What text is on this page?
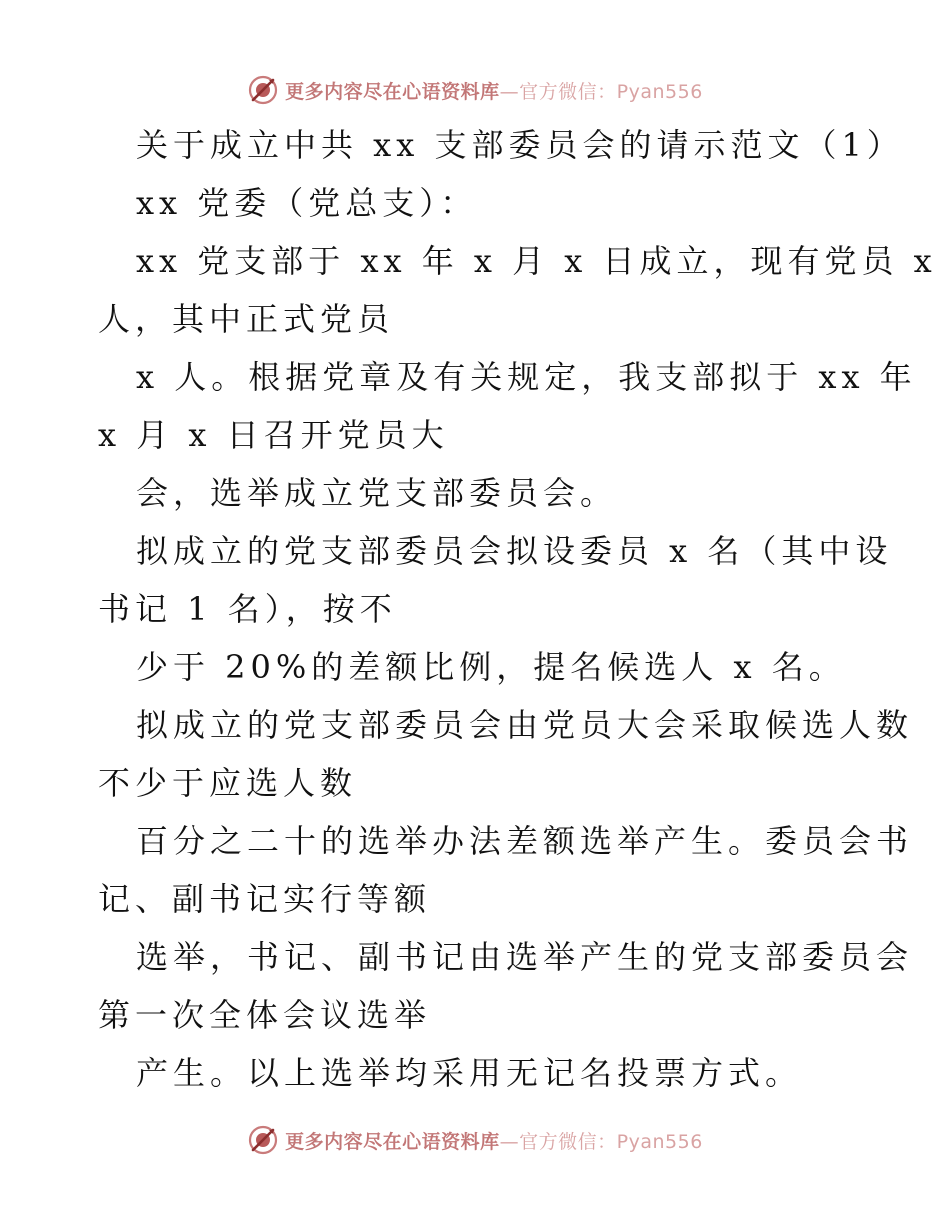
更多内容尽在心语资料库—官方微信：Pyan556
关于成立中共 xx 支部委员会的请示范文（1）
xx 党委（党总支）：
xx 党支部于 xx 年 x 月 x 日成立，现有党员 x
人，其中正式党员
x 人。根据党章及有关规定，我支部拟于 xx 年
x 月 x 日召开党员大
会，选举成立党支部委员会。
拟成立的党支部委员会拟设委员 x 名（其中设
书记 1 名），按不
少于 20%的差额比例，提名候选人 x 名。
拟成立的党支部委员会由党员大会采取候选人数
不少于应选人数
百分之二十的选举办法差额选举产生。委员会书
记、副书记实行等额
选举，书记、副书记由选举产生的党支部委员会
第一次全体会议选举
产生。以上选举均采用无记名投票方式。
更多内容尽在心语资料库—官方微信：Pyan556
